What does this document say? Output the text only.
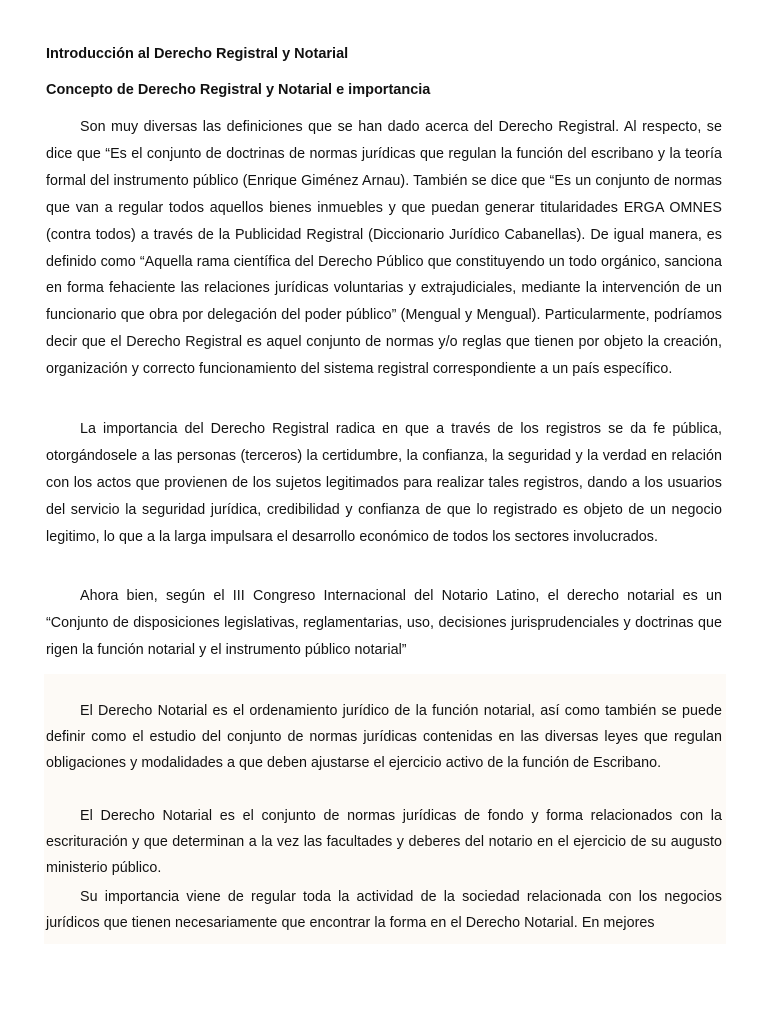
Introducción al Derecho Registral y Notarial
Concepto de Derecho Registral y Notarial e importancia

Son muy diversas las definiciones que se han dado acerca del Derecho Registral. Al respecto, se dice que “Es el conjunto de doctrinas de normas jurídicas que regulan la función del escribano y la teoría formal del instrumento público (Enrique Giménez Arnau). También se dice que “Es un conjunto de normas que van a regular todos aquellos bienes inmuebles y que puedan generar titularidades ERGA OMNES (contra todos) a través de la Publicidad Registral (Diccionario Jurídico Cabanellas). De igual manera, es definido como “Aquella rama científica del Derecho Público que constituyendo un todo orgánico, sanciona en forma fehaciente las relaciones jurídicas voluntarias y extrajudiciales, mediante la intervención de un funcionario que obra por delegación del poder público” (Mengual y Mengual). Particularmente, podríamos decir que el Derecho Registral es aquel conjunto de normas y/o reglas que tienen por objeto la creación, organización y correcto funcionamiento del sistema registral correspondiente a un país específico.

La importancia del Derecho Registral radica en que a través de los registros se da fe pública, otorgándosele a las personas (terceros) la certidumbre, la confianza, la seguridad y la verdad en relación con los actos que provienen de los sujetos legitimados para realizar tales registros, dando a los usuarios del servicio la seguridad jurídica, credibilidad y confianza de que lo registrado es objeto de un negocio legitimo, lo que a la larga impulsara el desarrollo económico de todos los sectores involucrados.

Ahora bien, según el III Congreso Internacional del Notario Latino, el derecho notarial es un “Conjunto de disposiciones legislativas, reglamentarias, uso, decisiones jurisprudenciales y doctrinas que rigen la función notarial y el instrumento público notarial”

El Derecho Notarial es el ordenamiento jurídico de la función notarial, así como también se puede definir como el estudio del conjunto de normas jurídicas contenidas en las diversas leyes que regulan obligaciones y modalidades a que deben ajustarse el ejercicio activo de la función de Escribano.

El Derecho Notarial es el conjunto de normas jurídicas de fondo y forma relacionados con la escrituración y que determinan a la vez las facultades y deberes del notario en el ejercicio de su augusto ministerio público.

Su importancia viene de regular toda la actividad de la sociedad relacionada con los negocios jurídicos que tienen necesariamente que encontrar la forma en el Derecho Notarial. En mejores
